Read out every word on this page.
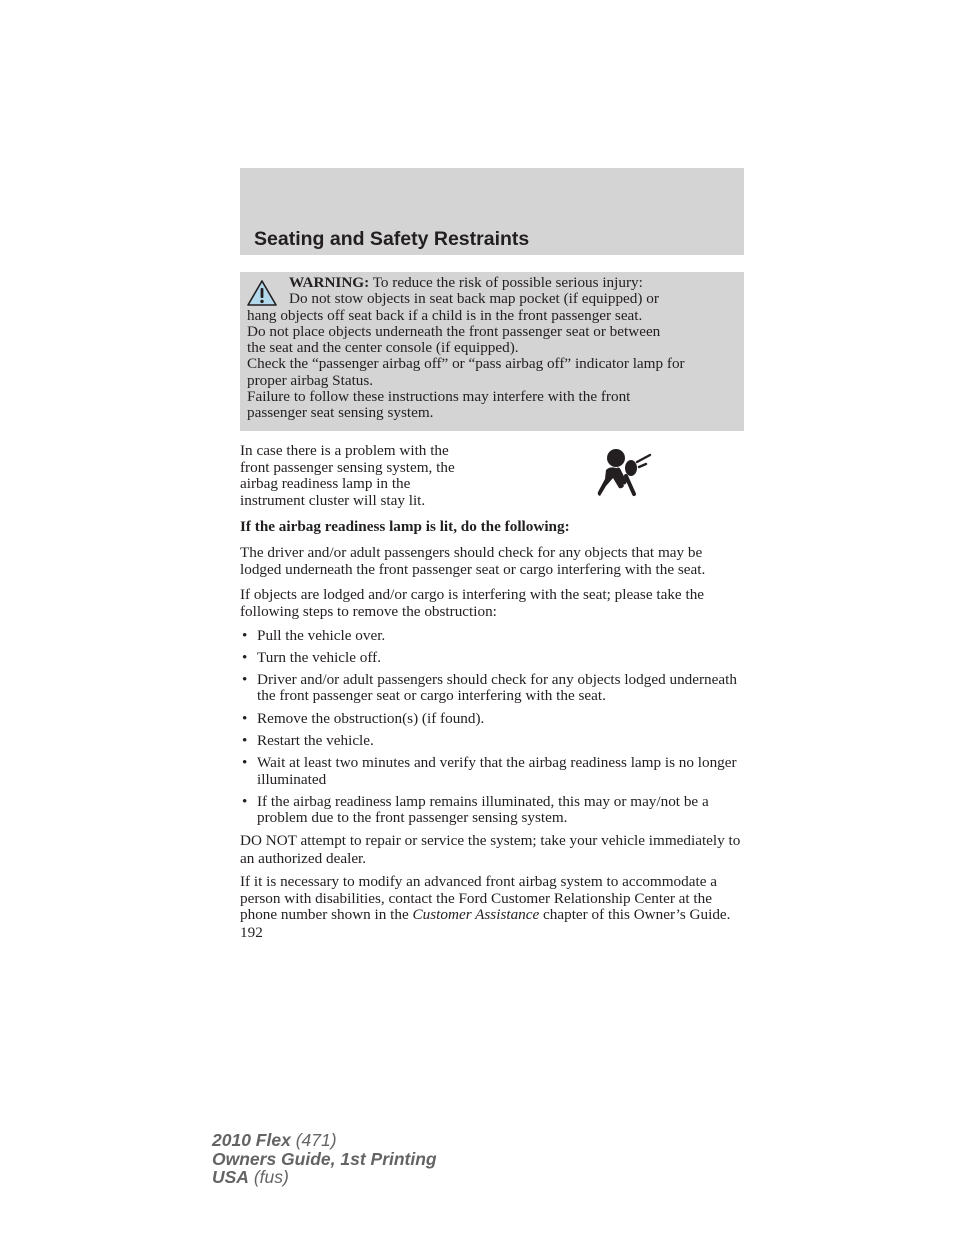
Seating and Safety Restraints

WARNING: To reduce the risk of possible serious injury:

Do not stow objects in seat back map pocket (if equipped) or

hang objects off seat back if a child is in the front passenger seat.

Do not place objects underneath the front passenger seat or between

the seat and the center console (if equipped).

Check the “passenger airbag off” or “pass airbag off” indicator lamp for

proper airbag Status.

Failure to follow these instructions may interfere with the front

passenger seat sensing system.

In case there is a problem with the
front passenger sensing system, the
airbag readiness lamp in the
instrument cluster will stay lit.

If the airbag readiness lamp is lit, do the following:

The driver and/or adult passengers should check for any objects that may be lodged underneath the front passenger seat or cargo interfering with the seat.

If objects are lodged and/or cargo is interfering with the seat; please take the following steps to remove the obstruction:

• Pull the vehicle over.
• Turn the vehicle off.
• Driver and/or adult passengers should check for any objects lodged underneath the front passenger seat or cargo interfering with the seat.
• Remove the obstruction(s) (if found).
• Restart the vehicle.
• Wait at least two minutes and verify that the airbag readiness lamp is no longer illuminated
• If the airbag readiness lamp remains illuminated, this may or may/not be a problem due to the front passenger sensing system.

DO NOT attempt to repair or service the system; take your vehicle immediately to an authorized dealer.

If it is necessary to modify an advanced front airbag system to accommodate a person with disabilities, contact the Ford Customer Relationship Center at the phone number shown in the Customer Assistance chapter of this Owner’s Guide.

192
2010 Flex (471)
Owners Guide, 1st Printing
USA (fus)
